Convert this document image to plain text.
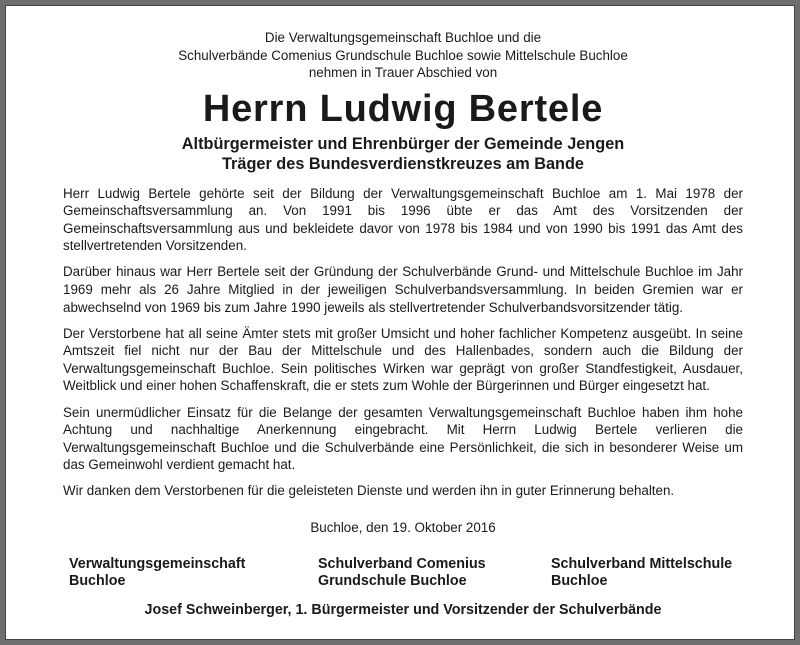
Die Verwaltungsgemeinschaft Buchloe und die
Schulverbände Comenius Grundschule Buchloe sowie Mittelschule Buchloe
nehmen in Trauer Abschied von
Herrn Ludwig Bertele
Altbürgermeister und Ehrenbürger der Gemeinde Jengen
Träger des Bundesverdienstkreuzes am Bande

Herr Ludwig Bertele gehörte seit der Bildung der Verwaltungsgemeinschaft Buchloe am 1. Mai 1978 der Gemeinschaftsversammlung an. Von 1991 bis 1996 übte er das Amt des Vorsitzenden der Gemeinschaftsversammlung aus und bekleidete davor von 1978 bis 1984 und von 1990 bis 1991 das Amt des stellvertretenden Vorsitzenden.

Darüber hinaus war Herr Bertele seit der Gründung der Schulverbände Grund- und Mittelschule Buchloe im Jahr 1969 mehr als 26 Jahre Mitglied in der jeweiligen Schulverbandsversammlung. In beiden Gremien war er abwechselnd von 1969 bis zum Jahre 1990 jeweils als stellvertretender Schulverbandsvorsitzender tätig.

Der Verstorbene hat all seine Ämter stets mit großer Umsicht und hoher fachlicher Kompetenz ausgeübt. In seine Amtszeit fiel nicht nur der Bau der Mittelschule und des Hallenbades, sondern auch die Bildung der Verwaltungsgemeinschaft Buchloe. Sein politisches Wirken war geprägt von großer Standfestigkeit, Ausdauer, Weitblick und einer hohen Schaffenskraft, die er stets zum Wohle der Bürgerinnen und Bürger eingesetzt hat.

Sein unermüdlicher Einsatz für die Belange der gesamten Verwaltungsgemeinschaft Buchloe haben ihm hohe Achtung und nachhaltige Anerkennung eingebracht. Mit Herrn Ludwig Bertele verlieren die Verwaltungsgemeinschaft Buchloe und die Schulverbände eine Persönlichkeit, die sich in besonderer Weise um das Gemeinwohl verdient gemacht hat.

Wir danken dem Verstorbenen für die geleisteten Dienste und werden ihn in guter Erinnerung behalten.

Buchloe, den 19. Oktober 2016
Verwaltungsgemeinschaft
Buchloe
Schulverband Comenius
Grundschule Buchloe
Schulverband Mittelschule
Buchloe
Josef Schweinberger, 1. Bürgermeister und Vorsitzender der Schulverbände
